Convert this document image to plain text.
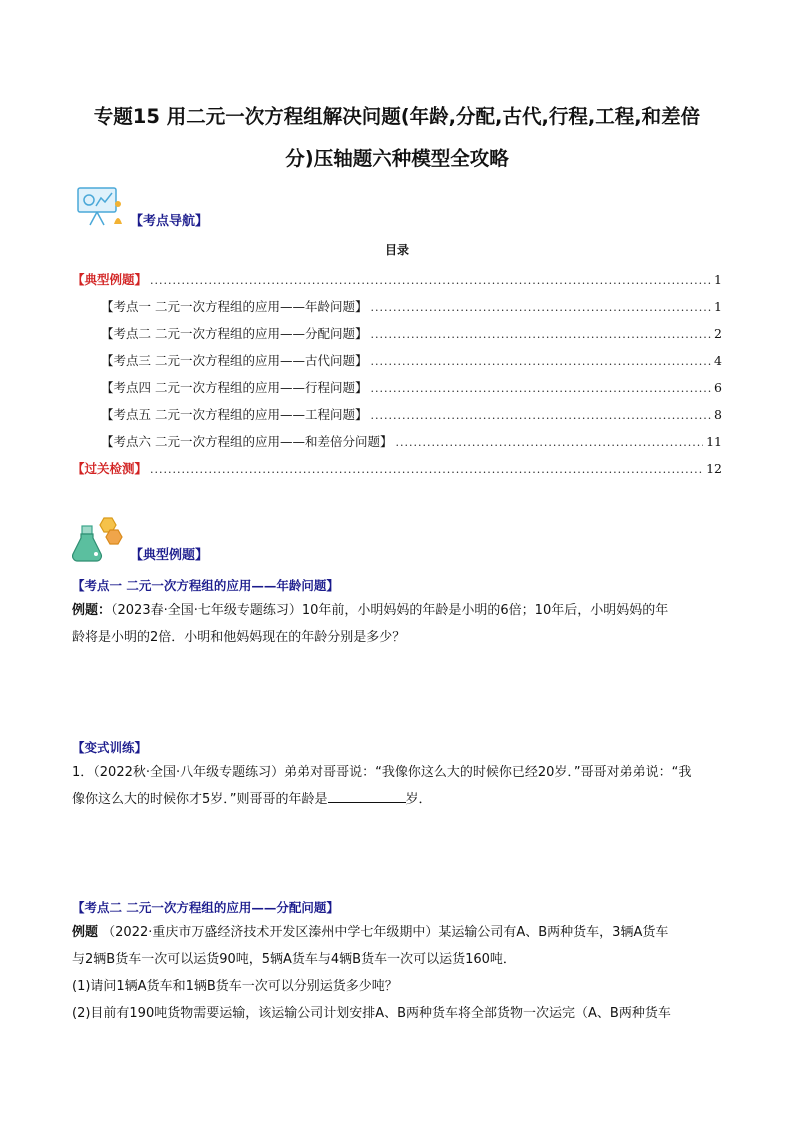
专题15 用二元一次方程组解决问题(年龄,分配,古代,行程,工程,和差倍
分)压轴题六种模型全攻略
【考点导航】
目录
【典型例题】 .....	1
【考点一 二元一次方程组的应用——年龄问题】 .....	1
【考点二 二元一次方程组的应用——分配问题】 .....	2
【考点三 二元一次方程组的应用——古代问题】 .....	4
【考点四 二元一次方程组的应用——行程问题】 .....	6
【考点五 二元一次方程组的应用——工程问题】 .....	8
【考点六 二元一次方程组的应用——和差倍分问题】 .....	11
【过关检测】 .....	12
【典型例题】
【考点一 二元一次方程组的应用——年龄问题】
例题：（2023春·全国·七年级专题练习）10年前，小明妈妈的年龄是小明的6倍；10年后，小明妈妈的年
龄将是小明的2倍．小明和他妈妈现在的年龄分别是多少？
【变式训练】
1．（2022秋·全国·八年级专题练习）弟弟对哥哥说：“我像你这么大的时候你已经20岁．”哥哥对弟弟说：“我
像你这么大的时候你才5岁．”则哥哥的年龄是	岁．
【考点二 二元一次方程组的应用——分配问题】
例题 （2022·重庆市万盛经济技术开发区溱州中学七年级期中）某运输公司有A、B两种货车，3辆A货车
与2辆B货车一次可以运货90吨，5辆A货车与4辆B货车一次可以运货160吨．
(1)请问1辆A货车和1辆B货车一次可以分别运货多少吨？
(2)目前有190吨货物需要运输，该运输公司计划安排A、B两种货车将全部货物一次运完（A、B两种货车
